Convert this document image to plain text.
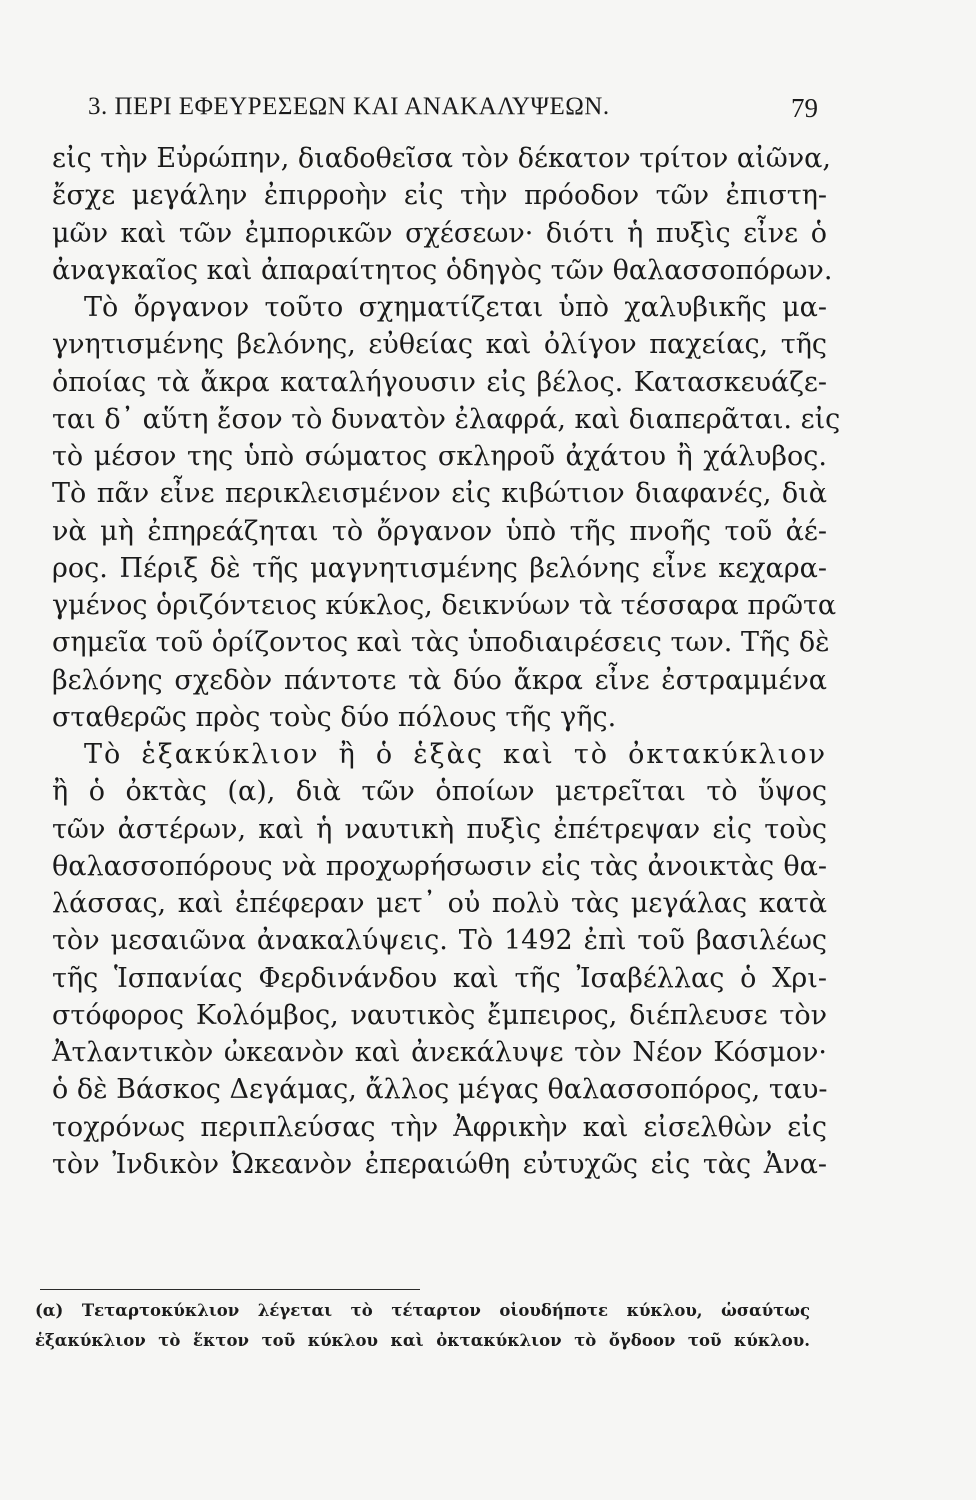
3. ΠΕΡΙ ΕΦΕΥΡΕΣΕΩΝ ΚΑΙ ΑΝΑΚΑΛΥΨΕΩΝ.	79
εἰς τὴν Εὐρώπην, διαδοθεῖσα τὸν δέκατον τρίτον αἰῶνα,
ἔσχε μεγάλην ἐπιρροὴν εἰς τὴν πρόοδον τῶν ἐπιστη-
μῶν καὶ τῶν ἐμπορικῶν σχέσεων· διότι ἡ πυξὶς εἶνε ὁ
ἀναγκαῖος καὶ ἀπαραίτητος ὁδηγὸς τῶν θαλασσοπόρων.
Τὸ ὄργανον τοῦτο σχηματίζεται ὑπὸ χαλυβικῆς μα-
γνητισμένης βελόνης, εὐθείας καὶ ὀλίγον παχείας, τῆς
ὁποίας τὰ ἄκρα καταλήγουσιν εἰς βέλος. Κατασκευάζε-
ται δ᾽ αὕτη ἔσον τὸ δυνατὸν ἐλαφρά, καὶ διαπερᾶται. εἰς
τὸ μέσον της ὑπὸ σώματος σκληροῦ ἀχάτου ἢ χάλυβος.
Τὸ πᾶν εἶνε περικλεισμένον εἰς κιβώτιον διαφανές, διὰ
νὰ μὴ ἐπηρεάζηται τὸ ὄργανον ὑπὸ τῆς πνοῆς τοῦ ἀέ-
ρος. Πέριξ δὲ τῆς μαγνητισμένης βελόνης εἶνε κεχαρα-
γμένος ὁριζόντειος κύκλος, δεικνύων τὰ τέσσαρα πρῶτα
σημεῖα τοῦ ὁρίζοντος καὶ τὰς ὑποδιαιρέσεις των. Τῆς δὲ
βελόνης σχεδὸν πάντοτε τὰ δύο ἄκρα εἶνε ἐστραμμένα
σταθερῶς πρὸς τοὺς δύο πόλους τῆς γῆς.
Τὸ ἑξακύκλιον ἢ ὁ ἑξὰς καὶ τὸ ὀκτακύκλιον
ἢ ὁ ὀκτὰς (α), διὰ τῶν ὁποίων μετρεῖται τὸ ὕψος
τῶν ἀστέρων, καὶ ἡ ναυτικὴ πυξὶς ἐπέτρεψαν εἰς τοὺς
θαλασσοπόρους νὰ προχωρήσωσιν εἰς τὰς ἀνοικτὰς θα-
λάσσας, καὶ ἐπέφεραν μετ᾽ οὐ πολὺ τὰς μεγάλας κατὰ
τὸν μεσαιῶνα ἀνακαλύψεις. Τὸ 1492 ἐπὶ τοῦ βασιλέως
τῆς Ἱσπανίας Φερδινάνδου καὶ τῆς Ἰσαβέλλας ὁ Χρι-
στόφορος Κολόμβος, ναυτικὸς ἔμπειρος, διέπλευσε τὸν
Ἀτλαντικὸν ὠκεανὸν καὶ ἀνεκάλυψε τὸν Νέον Κόσμον·
ὁ δὲ Βάσκος Δεγάμας, ἄλλος μέγας θαλασσοπόρος, ταυ-
τοχρόνως περιπλεύσας τὴν Ἀφρικὴν καὶ εἰσελθὼν εἰς
τὸν Ἰνδικὸν Ὠκεανὸν ἐπεραιώθη εὐτυχῶς εἰς τὰς Ἀνα-
(α) Τεταρτοκύκλιον λέγεται τὸ τέταρτον οἱουδήποτε κύκλου, ὡσαύτως
ἑξακύκλιον τὸ ἕκτον τοῦ κύκλου καὶ ὀκτακύκλιον τὸ ὄγδοον τοῦ κύκλου.
